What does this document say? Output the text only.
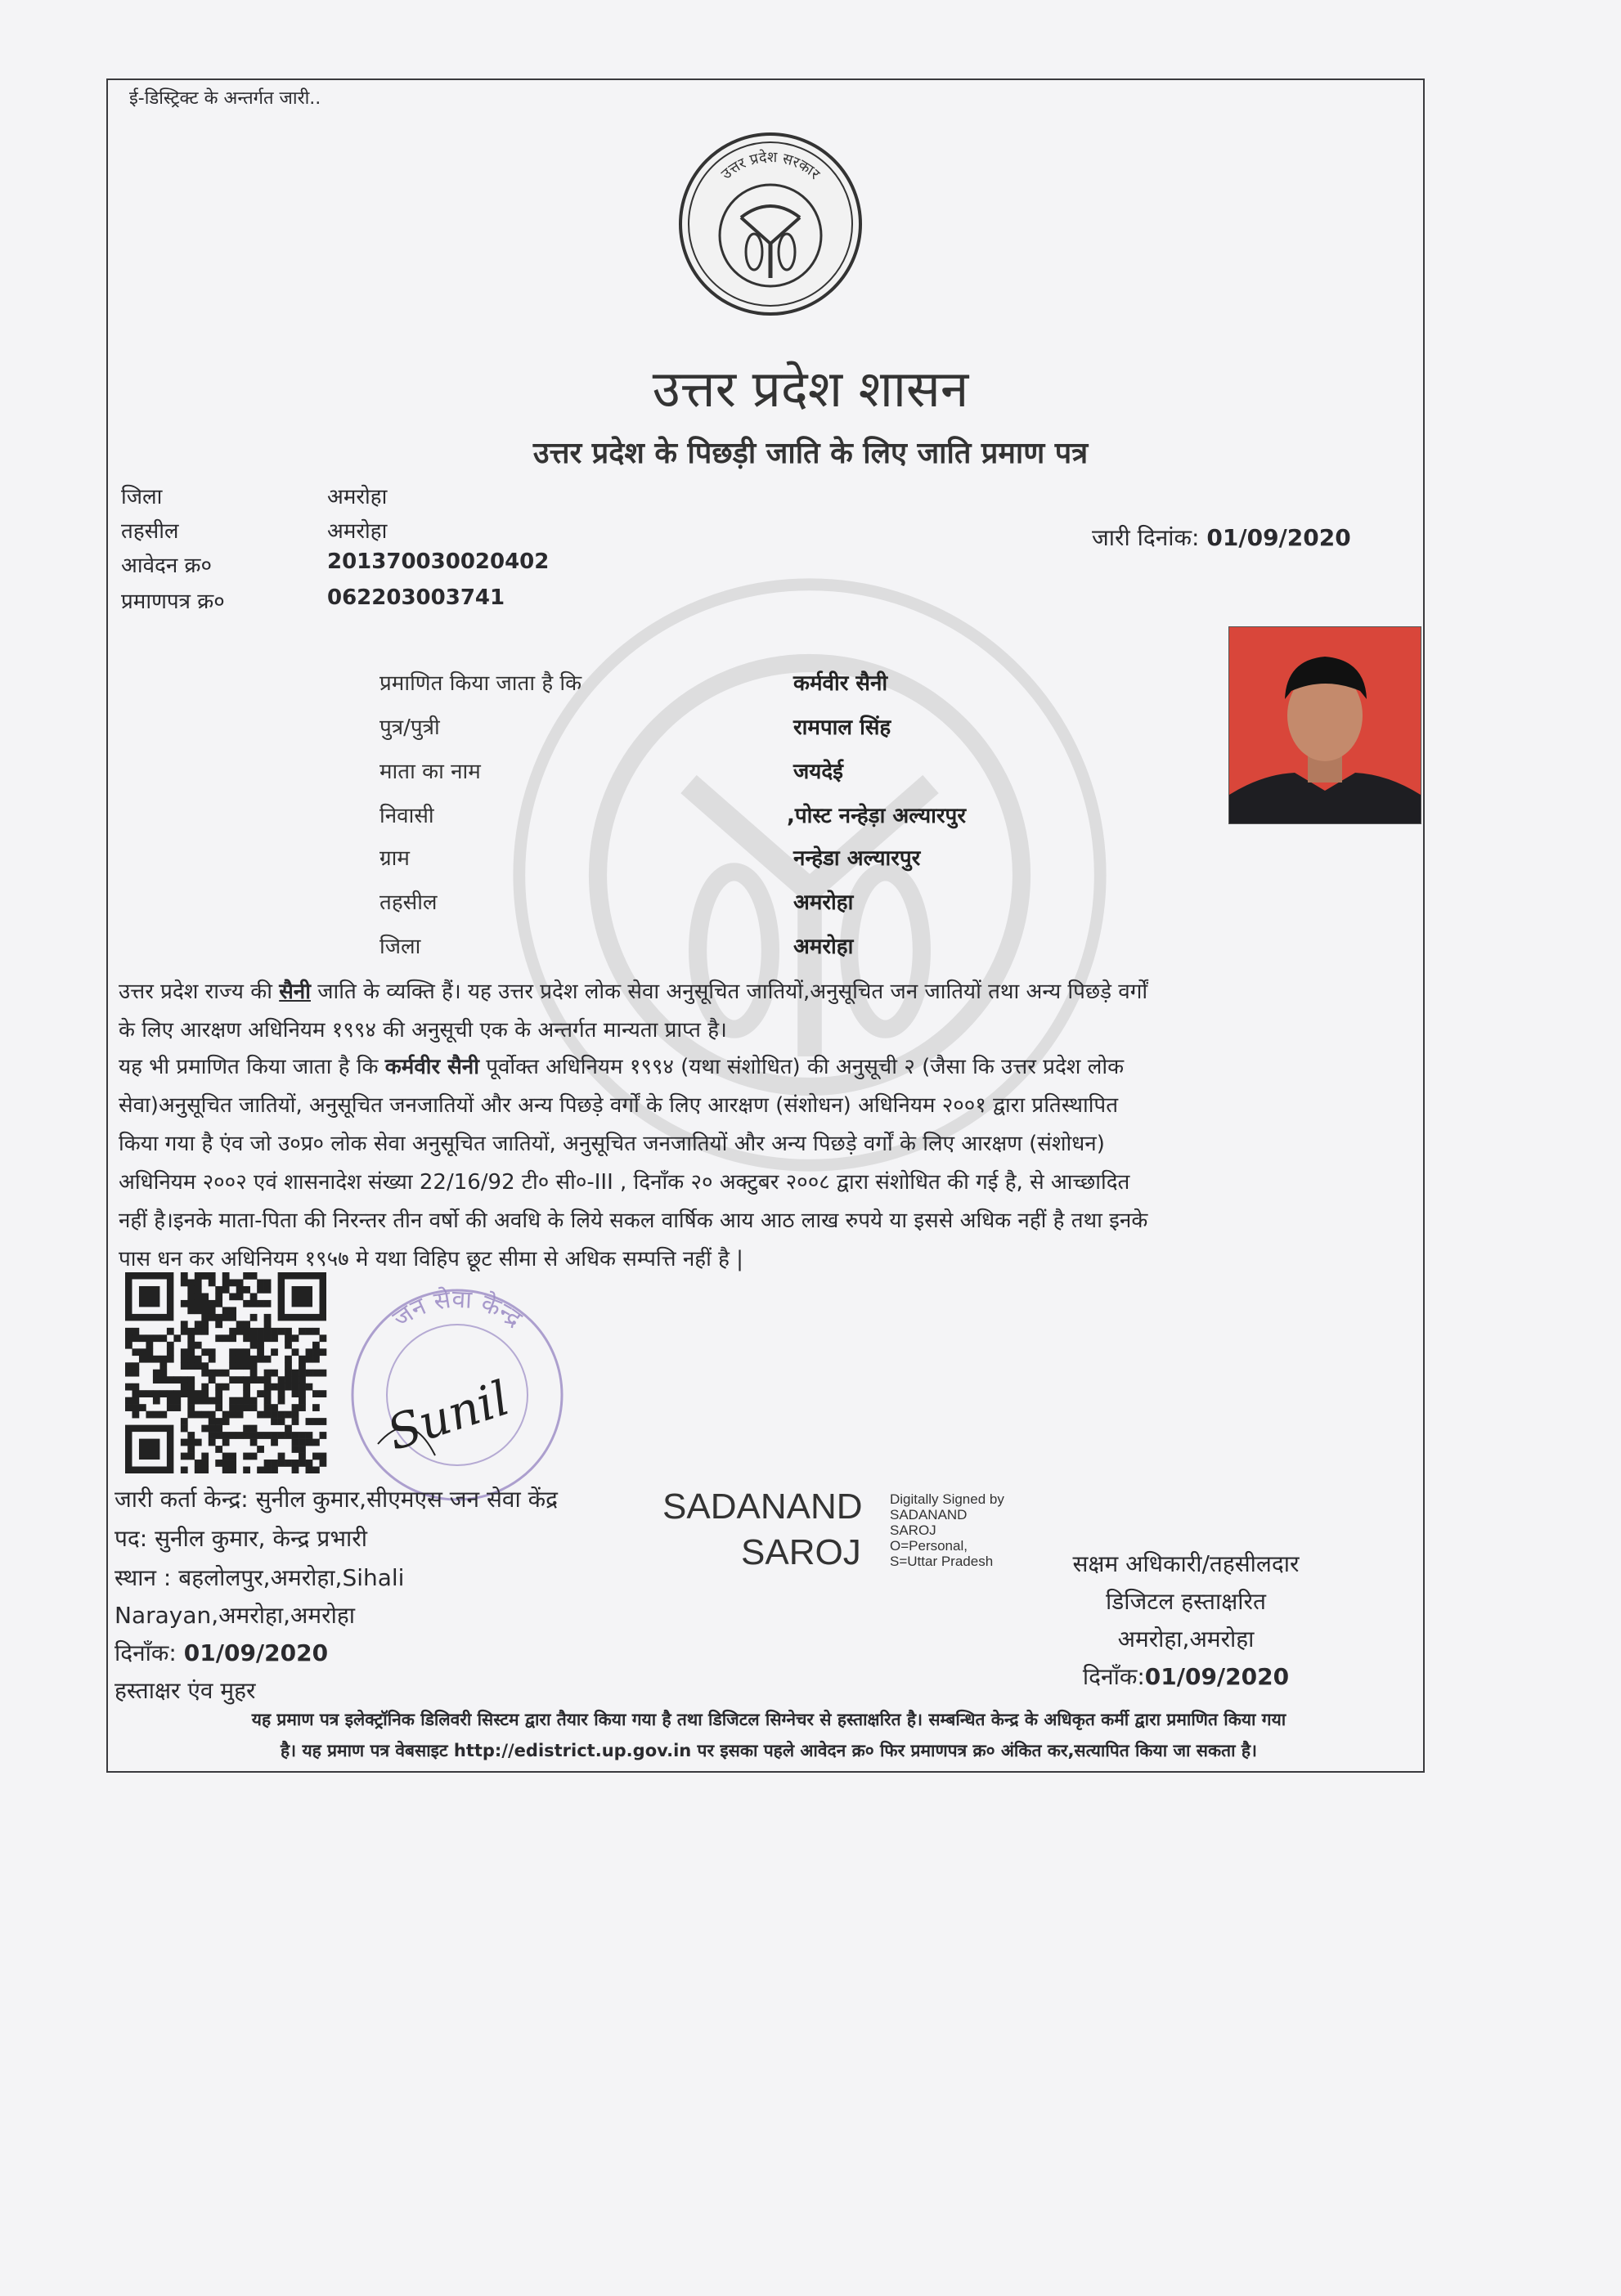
ई-डिस्ट्रिक्ट के अन्तर्गत जारी..
उत्तर प्रदेश सरकार
उत्तर प्रदेश शासन
उत्तर प्रदेश के पिछड़ी जाति के लिए जाति प्रमाण पत्र
जिला	अमरोहा
तहसील	अमरोहा
आवेदन क्र०	201370030020402
प्रमाणपत्र क्र०	062203003741
जारी दिनांक: 01/09/2020
प्रमाणित किया जाता है कि	कर्मवीर सैनी
पुत्र/पुत्री	रामपाल सिंह
माता का नाम	जयदेई
निवासी	,पोस्ट नन्हेड़ा अल्यारपुर
ग्राम	नन्हेडा अल्यारपुर
तहसील	अमरोहा
जिला	अमरोहा
उत्तर प्रदेश राज्य की सैनी जाति के व्यक्ति हैं। यह उत्तर प्रदेश लोक सेवा अनुसूचित जातियों,अनुसूचित जन जातियों तथा अन्य पिछड़े वर्गों
के लिए आरक्षण अधिनियम १९९४ की अनुसूची एक के अन्तर्गत मान्यता प्राप्त है।
यह भी प्रमाणित किया जाता है कि कर्मवीर सैनी पूर्वोक्त अधिनियम १९९४ (यथा संशोधित) की अनुसूची २ (जैसा कि उत्तर प्रदेश लोक
सेवा)अनुसूचित जातियों, अनुसूचित जनजातियों और अन्य पिछड़े वर्गों के लिए आरक्षण (संशोधन) अधिनियम २००१ द्वारा प्रतिस्थापित
किया गया है एंव जो उ०प्र० लोक सेवा अनुसूचित जातियों, अनुसूचित जनजातियों और अन्य पिछड़े वर्गों के लिए आरक्षण (संशोधन)
अधिनियम २००२ एवं शासनादेश संख्या 22/16/92 टी० सी०-III , दिनाँक २० अक्टुबर २००८ द्वारा संशोधित की गई है, से आच्छादित
नहीं है।इनके माता-पिता की निरन्तर तीन वर्षो की अवधि के लिये सकल वार्षिक आय आठ लाख रुपये या इससे अधिक नहीं है तथा इनके
पास धन कर अधिनियम १९५७ मे यथा विहिप छूट सीमा से अधिक सम्पत्ति नहीं है |
जन सेवा केन्द्र
Sunil
जारी कर्ता केन्द्र: सुनील कुमार,सीएमएस जन सेवा केंद्र
पद: सुनील कुमार, केन्द्र प्रभारी
स्थान : बहलोलपुर,अमरोहा,Sihali
Narayan,अमरोहा,अमरोहा
दिनाँक: 01/09/2020
हस्ताक्षर एंव मुहर
SADANAND
SAROJ
Digitally Signed by
SADANAND
SAROJ
O=Personal,
S=Uttar Pradesh	सक्षम अधिकारी/तहसीलदार
डिजिटल हस्ताक्षरित
अमरोहा,अमरोहा
दिनाँक:01/09/2020
यह प्रमाण पत्र इलेक्ट्रॉनिक डिलिवरी सिस्टम द्वारा तैयार किया गया है तथा डिजिटल सिग्नेचर से हस्ताक्षरित है। सम्बन्धित केन्द्र के अधिकृत कर्मी द्वारा प्रमाणित किया गया
है। यह प्रमाण पत्र वेबसाइट http://edistrict.up.gov.in पर इसका पहले आवेदन क्र० फिर प्रमाणपत्र क्र० अंकित कर,सत्यापित किया जा सकता है।
